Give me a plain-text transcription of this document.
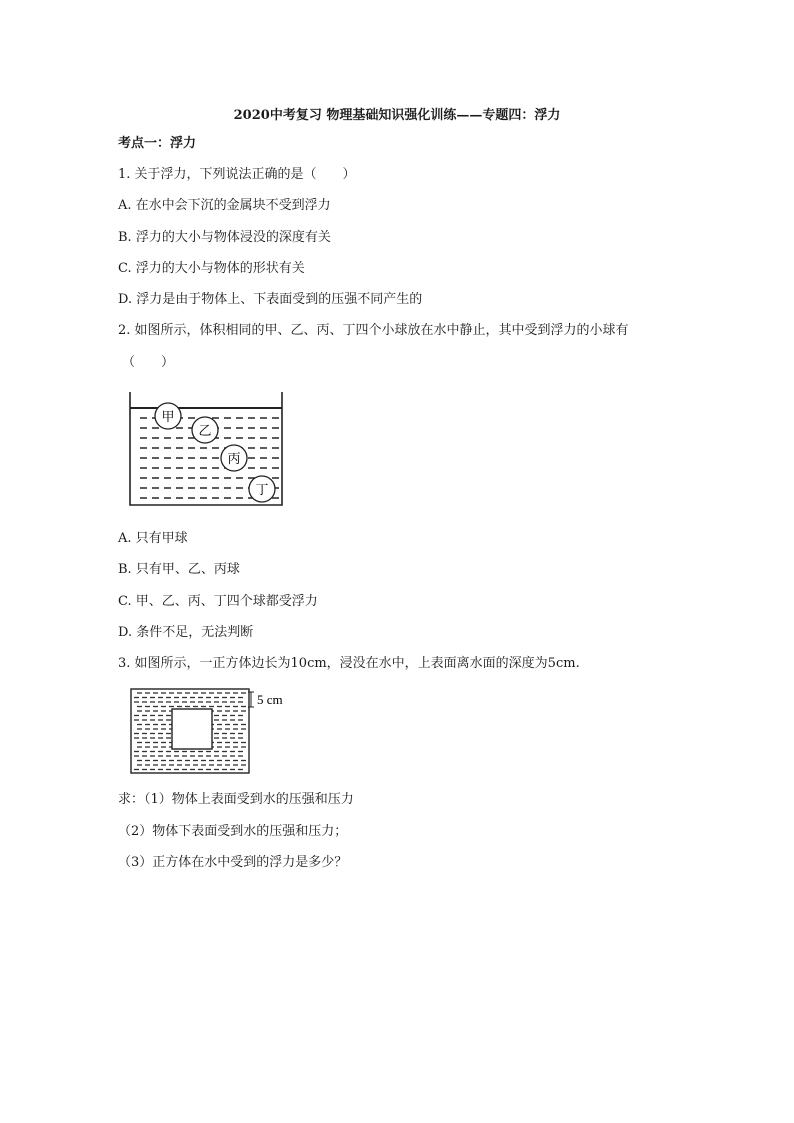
2020中考复习 物理基础知识强化训练——专题四：浮力
考点一：浮力
1. 关于浮力，下列说法正确的是（　　）
A. 在水中会下沉的金属块不受到浮力
B. 浮力的大小与物体浸没的深度有关
C. 浮力的大小与物体的形状有关
D. 浮力是由于物体上、下表面受到的压强不同产生的
2. 如图所示，体积相同的甲、乙、丙、丁四个小球放在水中静止，其中受到浮力的小球有
（　　）
甲
乙
丙
丁
A. 只有甲球
B. 只有甲、乙、丙球
C. 甲、乙、丙、丁四个球都受浮力
D. 条件不足，无法判断
3. 如图所示，一正方体边长为10cm，浸没在水中，上表面离水面的深度为5cm.
5 cm
求：（1）物体上表面受到水的压强和压力
（2）物体下表面受到水的压强和压力；
（3）正方体在水中受到的浮力是多少？
